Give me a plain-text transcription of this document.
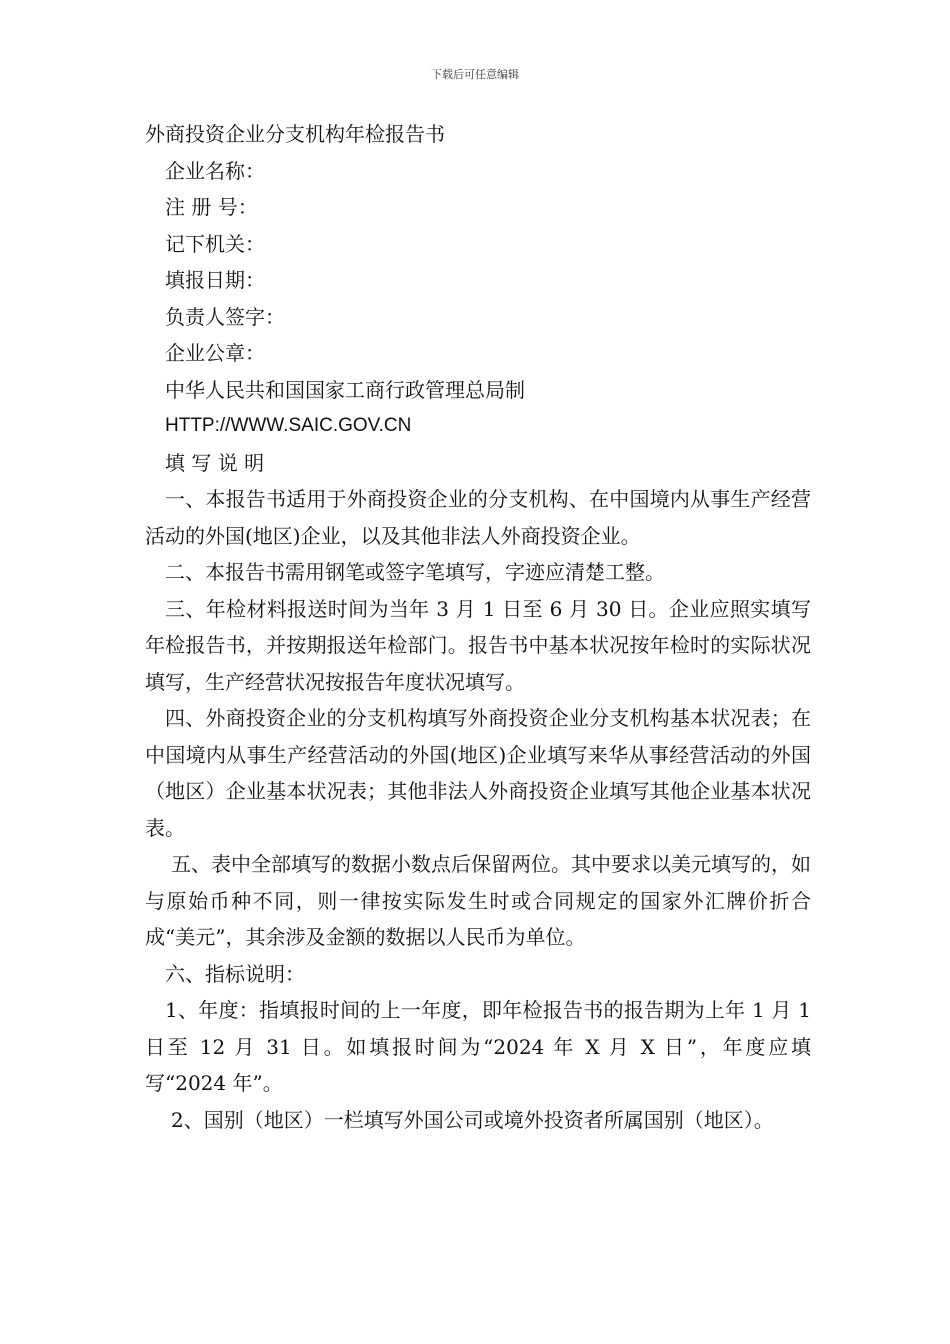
下载后可任意编辑

外商投资企业分支机构年检报告书

企业名称：

注 册 号：

记下机关：

填报日期：

负责人签字：

企业公章：

中华人民共和国国家工商行政管理总局制

HTTP://WWW.SAIC.GOV.CN

填 写 说 明

一、本报告书适用于外商投资企业的分支机构、在中国境内从事生产经营活动的外国(地区)企业，以及其他非法人外商投资企业。

二、本报告书需用钢笔或签字笔填写，字迹应清楚工整。

三、年检材料报送时间为当年 3 月 1 日至 6 月 30 日。企业应照实填写年检报告书，并按期报送年检部门。报告书中基本状况按年检时的实际状况填写，生产经营状况按报告年度状况填写。

四、外商投资企业的分支机构填写外商投资企业分支机构基本状况表；在中国境内从事生产经营活动的外国(地区)企业填写来华从事经营活动的外国（地区）企业基本状况表；其他非法人外商投资企业填写其他企业基本状况表。

五、表中全部填写的数据小数点后保留两位。其中要求以美元填写的，如与原始币种不同，则一律按实际发生时或合同规定的国家外汇牌价折合成“美元”，其余涉及金额的数据以人民币为单位。

六、指标说明：

1、年度：指填报时间的上一年度，即年检报告书的报告期为上年 1 月 1 日至 12 月 31 日。如填报时间为“2024 年 X 月 X 日”，年度应填写“2024 年”。

2、国别（地区）一栏填写外国公司或境外投资者所属国别（地区）。
